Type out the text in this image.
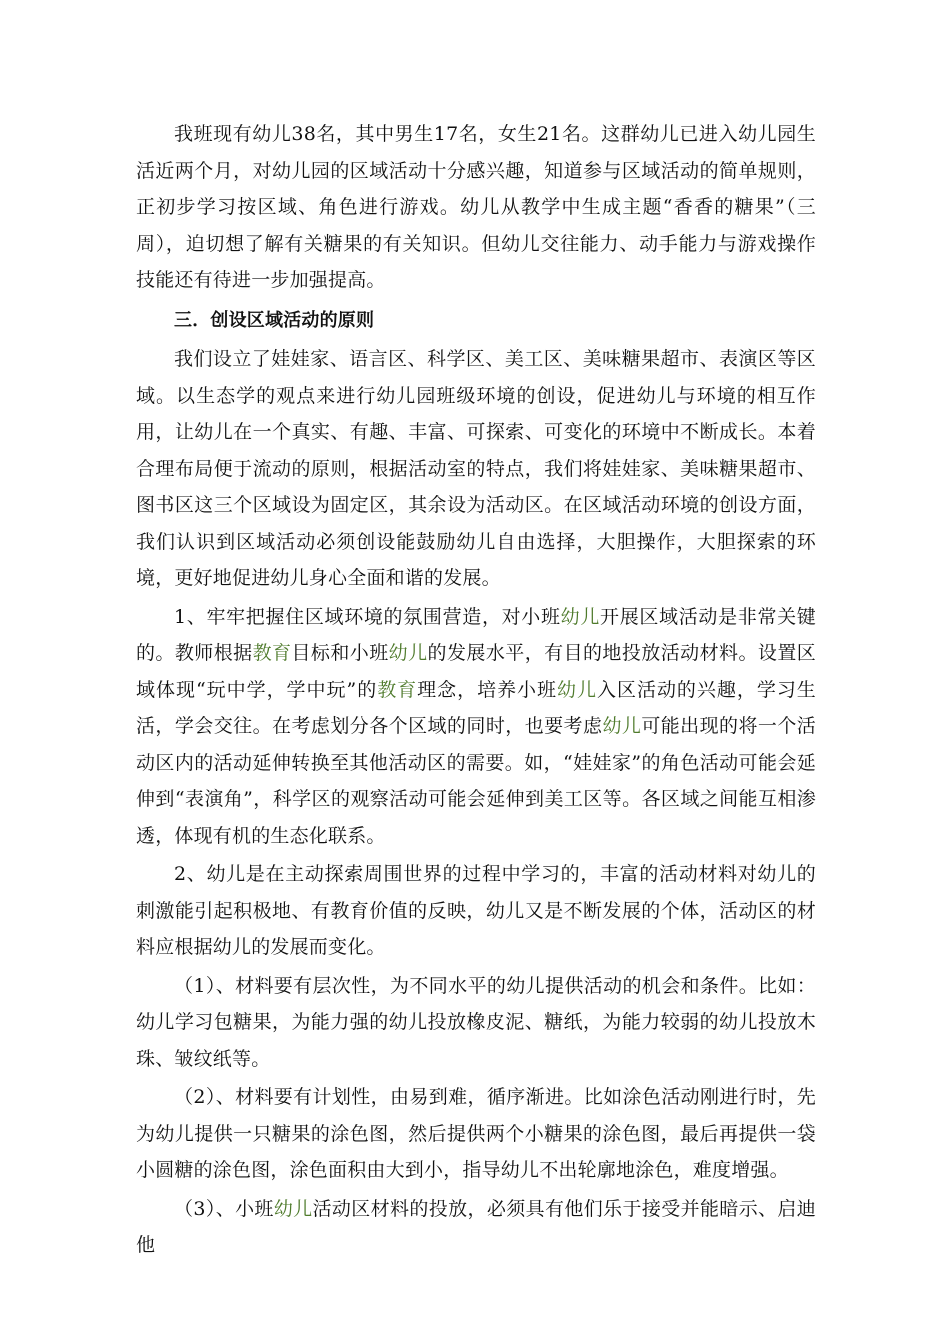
我班现有幼儿38名，其中男生17名，女生21名。这群幼儿已进入幼儿园生活近两个月，对幼儿园的区域活动十分感兴趣，知道参与区域活动的简单规则，正初步学习按区域、角色进行游戏。幼儿从教学中生成主题“香香的糖果”（三周），迫切想了解有关糖果的有关知识。但幼儿交往能力、动手能力与游戏操作技能还有待进一步加强提高。

三．创设区域活动的原则

我们设立了娃娃家、语言区、科学区、美工区、美味糖果超市、表演区等区域。以生态学的观点来进行幼儿园班级环境的创设，促进幼儿与环境的相互作用，让幼儿在一个真实、有趣、丰富、可探索、可变化的环境中不断成长。本着合理布局便于流动的原则，根据活动室的特点，我们将娃娃家、美味糖果超市、图书区这三个区域设为固定区，其余设为活动区。在区域活动环境的创设方面，我们认识到区域活动必须创设能鼓励幼儿自由选择，大胆操作，大胆探索的环境，更好地促进幼儿身心全面和谐的发展。

1、牢牢把握住区域环境的氛围营造，对小班幼儿开展区域活动是非常关键的。教师根据教育目标和小班幼儿的发展水平，有目的地投放活动材料。设置区域体现“玩中学，学中玩”的教育理念，培养小班幼儿入区活动的兴趣，学习生活，学会交往。在考虑划分各个区域的同时，也要考虑幼儿可能出现的将一个活动区内的活动延伸转换至其他活动区的需要。如，“娃娃家”的角色活动可能会延伸到“表演角”，科学区的观察活动可能会延伸到美工区等。各区域之间能互相渗透，体现有机的生态化联系。

2、幼儿是在主动探索周围世界的过程中学习的，丰富的活动材料对幼儿的刺激能引起积极地、有教育价值的反映，幼儿又是不断发展的个体，活动区的材料应根据幼儿的发展而变化。

（1）、材料要有层次性，为不同水平的幼儿提供活动的机会和条件。比如：幼儿学习包糖果，为能力强的幼儿投放橡皮泥、糖纸，为能力较弱的幼儿投放木珠、皱纹纸等。

（2）、材料要有计划性，由易到难，循序渐进。比如涂色活动刚进行时，先为幼儿提供一只糖果的涂色图，然后提供两个小糖果的涂色图，最后再提供一袋小圆糖的涂色图，涂色面积由大到小，指导幼儿不出轮廓地涂色，难度增强。

（3）、小班幼儿活动区材料的投放，必须具有他们乐于接受并能暗示、启迪他
